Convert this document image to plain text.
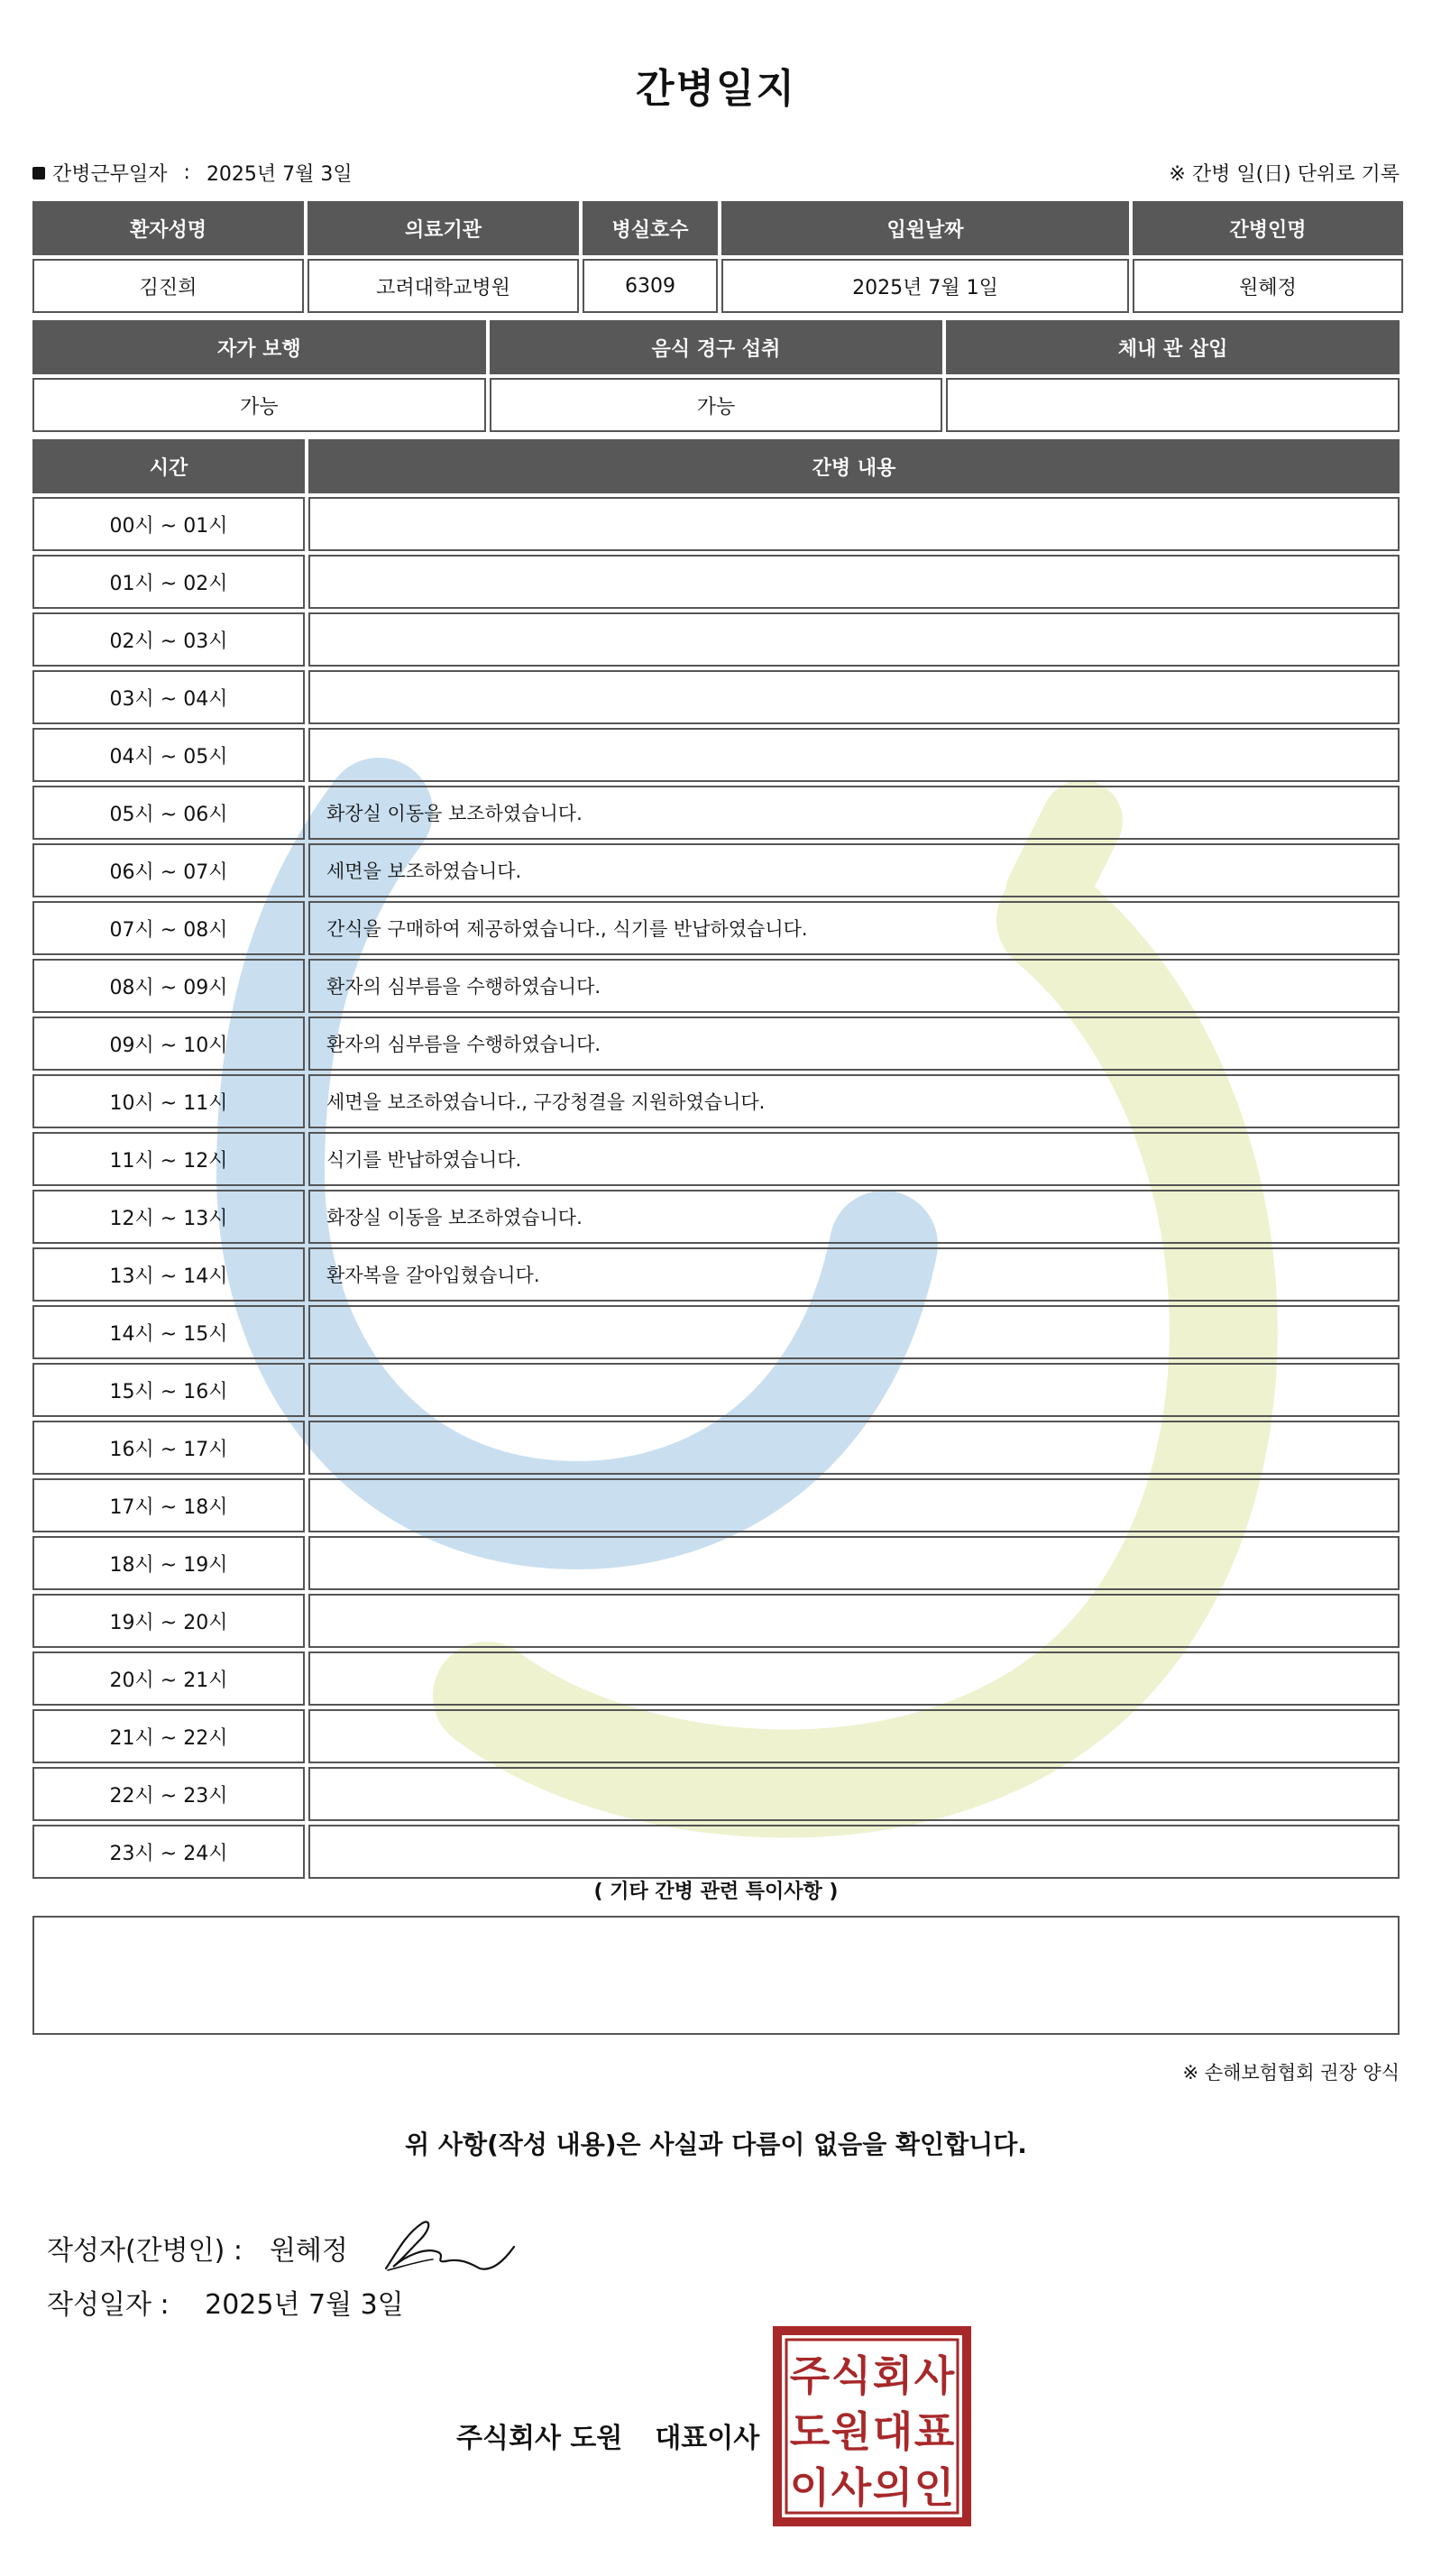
간병일지
간병근무일자 : 2025년 7월 3일	※ 간병 일(日) 단위로 기록
환자성명	의료기관	병실호수	입원날짜	간병인명
김진희	고려대학교병원	6309	2025년 7월 1일	원혜정
자가 보행	음식 경구 섭취	체내 관 삽입
가능	가능	
시간	간병 내용
00시 ~ 01시	
01시 ~ 02시	
02시 ~ 03시	
03시 ~ 04시	
04시 ~ 05시	
05시 ~ 06시	화장실 이동을 보조하였습니다.
06시 ~ 07시	세면을 보조하였습니다.
07시 ~ 08시	간식을 구매하여 제공하였습니다., 식기를 반납하였습니다.
08시 ~ 09시	환자의 심부름을 수행하였습니다.
09시 ~ 10시	환자의 심부름을 수행하였습니다.
10시 ~ 11시	세면을 보조하였습니다., 구강청결을 지원하였습니다.
11시 ~ 12시	식기를 반납하였습니다.
12시 ~ 13시	화장실 이동을 보조하였습니다.
13시 ~ 14시	환자복을 갈아입혔습니다.
14시 ~ 15시	
15시 ~ 16시	
16시 ~ 17시	
17시 ~ 18시	
18시 ~ 19시	
19시 ~ 20시	
20시 ~ 21시	
21시 ~ 22시	
22시 ~ 23시	
23시 ~ 24시	
( 기타 간병 관련 특이사항 )
※ 손해보험협회 권장 양식
위 사항(작성 내용)은 사실과 다름이 없음을 확인합니다.
작성자(간병인) : 원혜정
작성일자 : 2025년 7월 3일
주식회사 도원 대표이사
주 식 회 사
도 원 대 표
이 사 의 인
